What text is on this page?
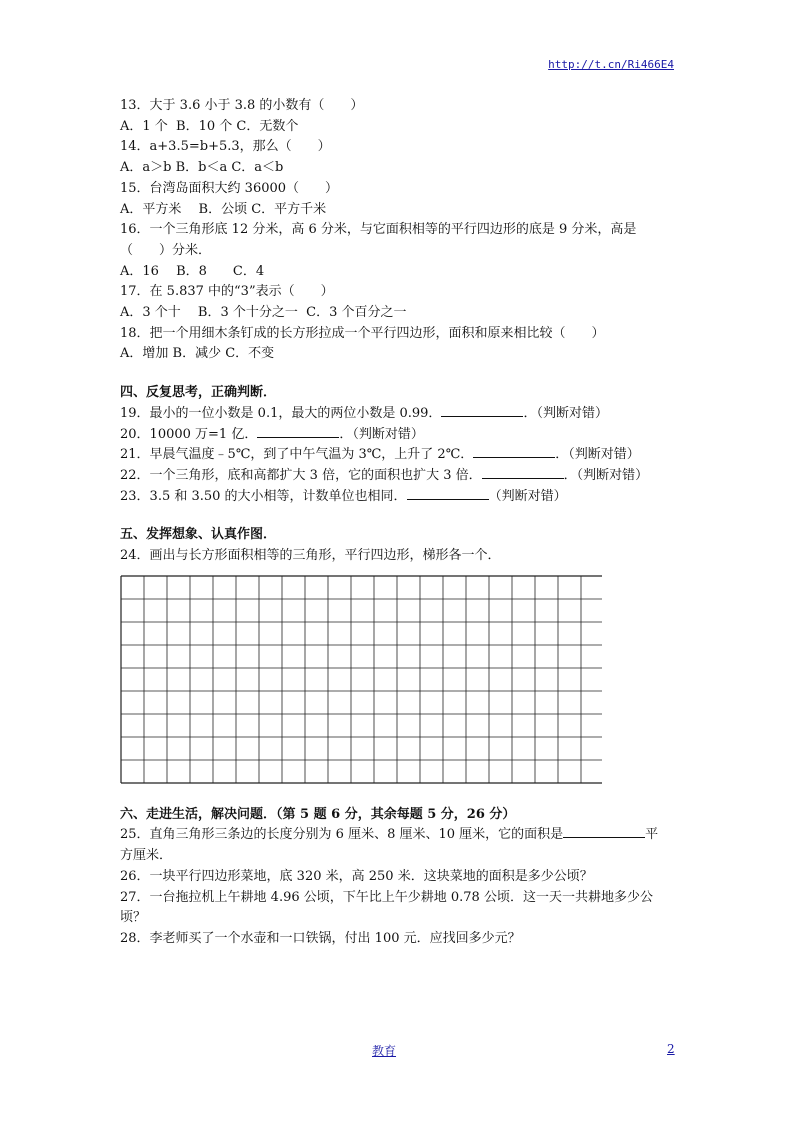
http://t.cn/Ri466E4
13．大于 3.6 小于 3.8 的小数有（　　）
A．1 个  B．10 个 C．无数个
14．a+3.5=b+5.3，那么（　　）
A．a＞b B．b＜a C．a＜b
15．台湾岛面积大约 36000（　　）
A．平方米　 B．公顷 C．平方千米
16．一个三角形底 12 分米，高 6 分米，与它面积相等的平行四边形的底是 9 分米，高是
（　　）分米．
A．16　 B．8　　C．4
17．在 5.837 中的“3”表示（　　）
A．3 个十　 B．3 个十分之一  C．3 个百分之一
18．把一个用细木条钉成的长方形拉成一个平行四边形，面积和原来相比较（　　）
A．增加 B．减少 C．不变
四、反复思考，正确判断．
19．最小的一位小数是 0.1，最大的两位小数是 0.99．	．（判断对错）
20．10000 万=1 亿．	．（判断对错）
21．早晨气温度﹣5℃，到了中午气温为 3℃，上升了 2℃．	．（判断对错）
22．一个三角形，底和高都扩大 3 倍，它的面积也扩大 3 倍．	．（判断对错）
23．3.5 和 3.50 的大小相等，计数单位也相同．	（判断对错）
五、发挥想象、认真作图．
24．画出与长方形面积相等的三角形，平行四边形，梯形各一个．
六、走进生活，解决问题．（第 5 题 6 分，其余每题 5 分，26 分）
25．直角三角形三条边的长度分别为 6 厘米、8 厘米、10 厘米，它的面积是	平
方厘米．
26．一块平行四边形菜地，底 320 米，高 250 米．这块菜地的面积是多少公顷？
27．一台拖拉机上午耕地 4.96 公顷，下午比上午少耕地 0.78 公顷．这一天一共耕地多少公
顷？
28．李老师买了一个水壶和一口铁锅，付出 100 元．应找回多少元？
教育	2
